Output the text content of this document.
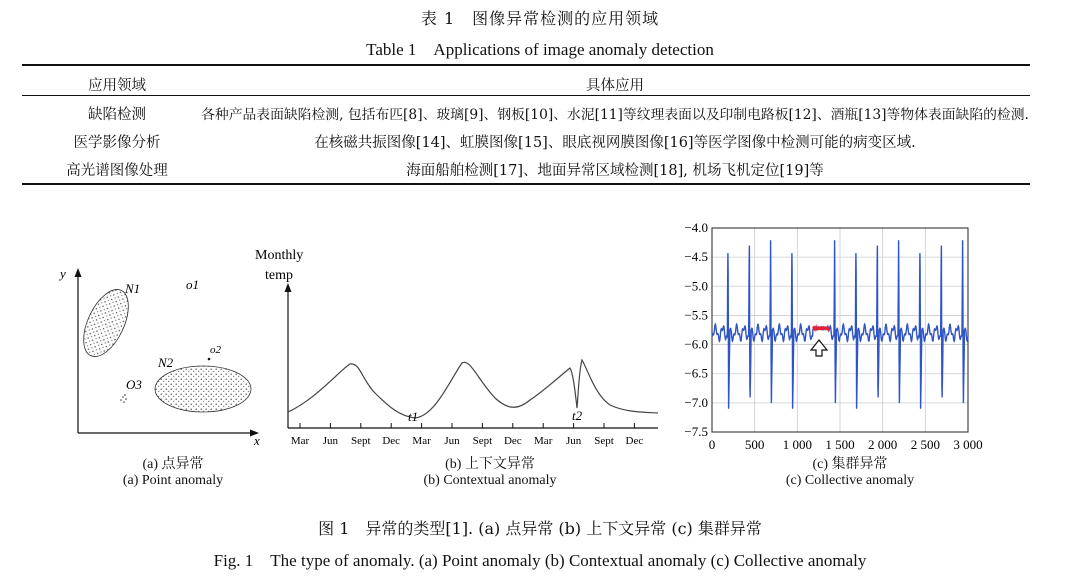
表 1　图像异常检测的应用领域
Table 1　Applications of image anomaly detection
应用领域	具体应用
缺陷检测	各种产品表面缺陷检测, 包括布匹[8]、玻璃[9]、钢板[10]、水泥[11]等纹理表面以及印制电路板[12]、酒瓶[13]等物体表面缺陷的检测.
医学影像分析	在核磁共振图像[14]、虹膜图像[15]、眼底视网膜图像[16]等医学图像中检测可能的病变区域.
高光谱图像处理	海面船舶检测[17]、地面异常区域检测[18], 机场飞机定位[19]等
y
x
N1
N2
o1
o2
O3
(a) 点异常
(a) Point anomaly
Monthly
temp
t1	t2
Mar Jun Sept Dec Mar Jun Sept Dec Mar Jun Sept Dec
(b) 上下文异常
(b) Contextual anomaly
0 500 1 000 1 500 2 000 2 500 3 000
−4.0
−4.5
−5.0
−5.5
−6.0
−6.5
−7.0
−7.5
(c) 集群异常
(c) Collective anomaly
图 1　异常的类型[1]. (a) 点异常 (b) 上下文异常 (c) 集群异常
Fig. 1　The type of anomaly. (a) Point anomaly (b) Contextual anomaly (c) Collective anomaly
